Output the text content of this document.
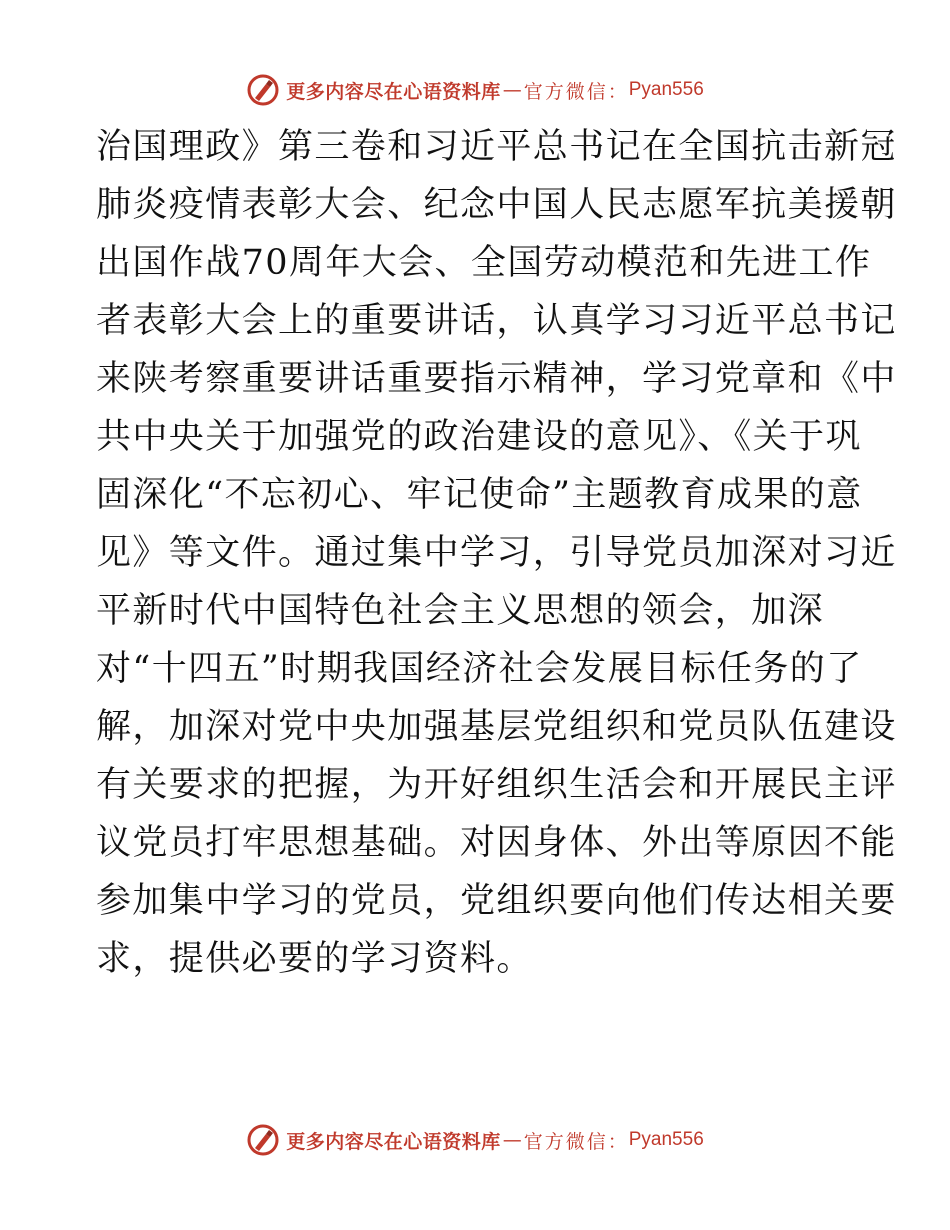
更多内容尽在心语资料库 — 官方微信： Pyan556
治国理政》第三卷和习近平总书记在全国抗击新冠
肺炎疫情表彰大会、纪念中国人民志愿军抗美援朝
出国作战70周年大会、全国劳动模范和先进工作
者表彰大会上的重要讲话，认真学习习近平总书记
来陕考察重要讲话重要指示精神，学习党章和《中
共中央关于加强党的政治建设的意见》、《关于巩
固深化“不忘初心、牢记使命”主题教育成果的意
见》等文件。通过集中学习，引导党员加深对习近
平新时代中国特色社会主义思想的领会，加深
对“十四五”时期我国经济社会发展目标任务的了
解，加深对党中央加强基层党组织和党员队伍建设
有关要求的把握，为开好组织生活会和开展民主评
议党员打牢思想基础。对因身体、外出等原因不能
参加集中学习的党员，党组织要向他们传达相关要
求，提供必要的学习资料。
更多内容尽在心语资料库 — 官方微信： Pyan556
